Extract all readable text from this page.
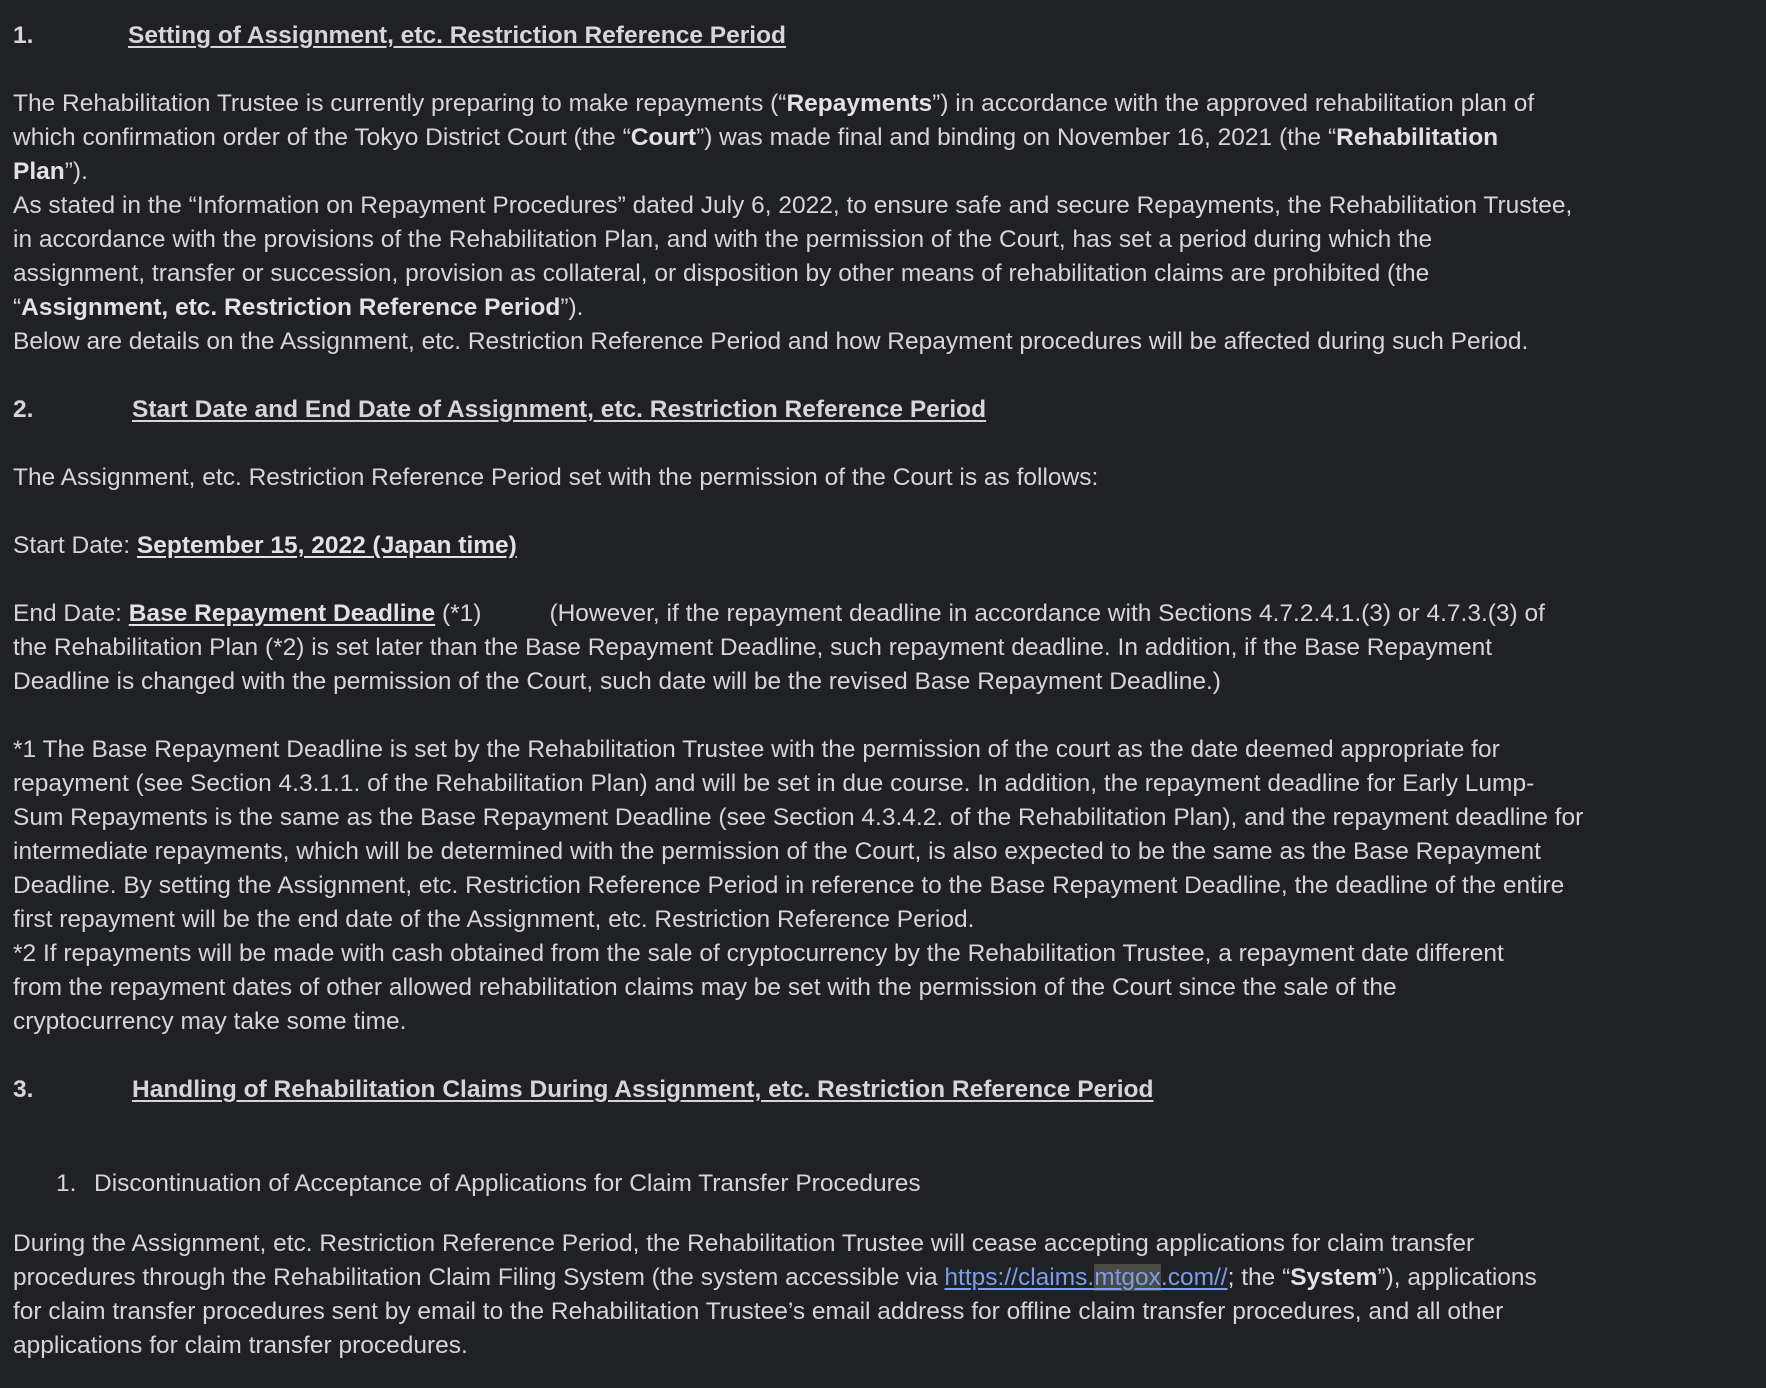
1.	Setting of Assignment, etc. Restriction Reference Period
The Rehabilitation Trustee is currently preparing to make repayments (“Repayments”) in accordance with the approved rehabilitation plan of
which confirmation order of the Tokyo District Court (the “Court”) was made final and binding on November 16, 2021 (the “Rehabilitation
Plan”).
As stated in the “Information on Repayment Procedures” dated July 6, 2022, to ensure safe and secure Repayments, the Rehabilitation Trustee,
in accordance with the provisions of the Rehabilitation Plan, and with the permission of the Court, has set a period during which the
assignment, transfer or succession, provision as collateral, or disposition by other means of rehabilitation claims are prohibited (the
“Assignment, etc. Restriction Reference Period”).
Below are details on the Assignment, etc. Restriction Reference Period and how Repayment procedures will be affected during such Period.
2.	Start Date and End Date of Assignment, etc. Restriction Reference Period
The Assignment, etc. Restriction Reference Period set with the permission of the Court is as follows:
Start Date: September 15, 2022 (Japan time)
End Date: Base Repayment Deadline (*1)	(However, if the repayment deadline in accordance with Sections 4.7.2.4.1.(3) or 4.7.3.(3) of
the Rehabilitation Plan (*2) is set later than the Base Repayment Deadline, such repayment deadline. In addition, if the Base Repayment
Deadline is changed with the permission of the Court, such date will be the revised Base Repayment Deadline.)
*1 The Base Repayment Deadline is set by the Rehabilitation Trustee with the permission of the court as the date deemed appropriate for
repayment (see Section 4.3.1.1. of the Rehabilitation Plan) and will be set in due course. In addition, the repayment deadline for Early Lump-
Sum Repayments is the same as the Base Repayment Deadline (see Section 4.3.4.2. of the Rehabilitation Plan), and the repayment deadline for
intermediate repayments, which will be determined with the permission of the Court, is also expected to be the same as the Base Repayment
Deadline. By setting the Assignment, etc. Restriction Reference Period in reference to the Base Repayment Deadline, the deadline of the entire
first repayment will be the end date of the Assignment, etc. Restriction Reference Period.
*2 If repayments will be made with cash obtained from the sale of cryptocurrency by the Rehabilitation Trustee, a repayment date different
from the repayment dates of other allowed rehabilitation claims may be set with the permission of the Court since the sale of the
cryptocurrency may take some time.
3.	Handling of Rehabilitation Claims During Assignment, etc. Restriction Reference Period
1. Discontinuation of Acceptance of Applications for Claim Transfer Procedures
During the Assignment, etc. Restriction Reference Period, the Rehabilitation Trustee will cease accepting applications for claim transfer
procedures through the Rehabilitation Claim Filing System (the system accessible via https://claims.mtgox.com//; the “System”), applications
for claim transfer procedures sent by email to the Rehabilitation Trustee’s email address for offline claim transfer procedures, and all other
applications for claim transfer procedures.
